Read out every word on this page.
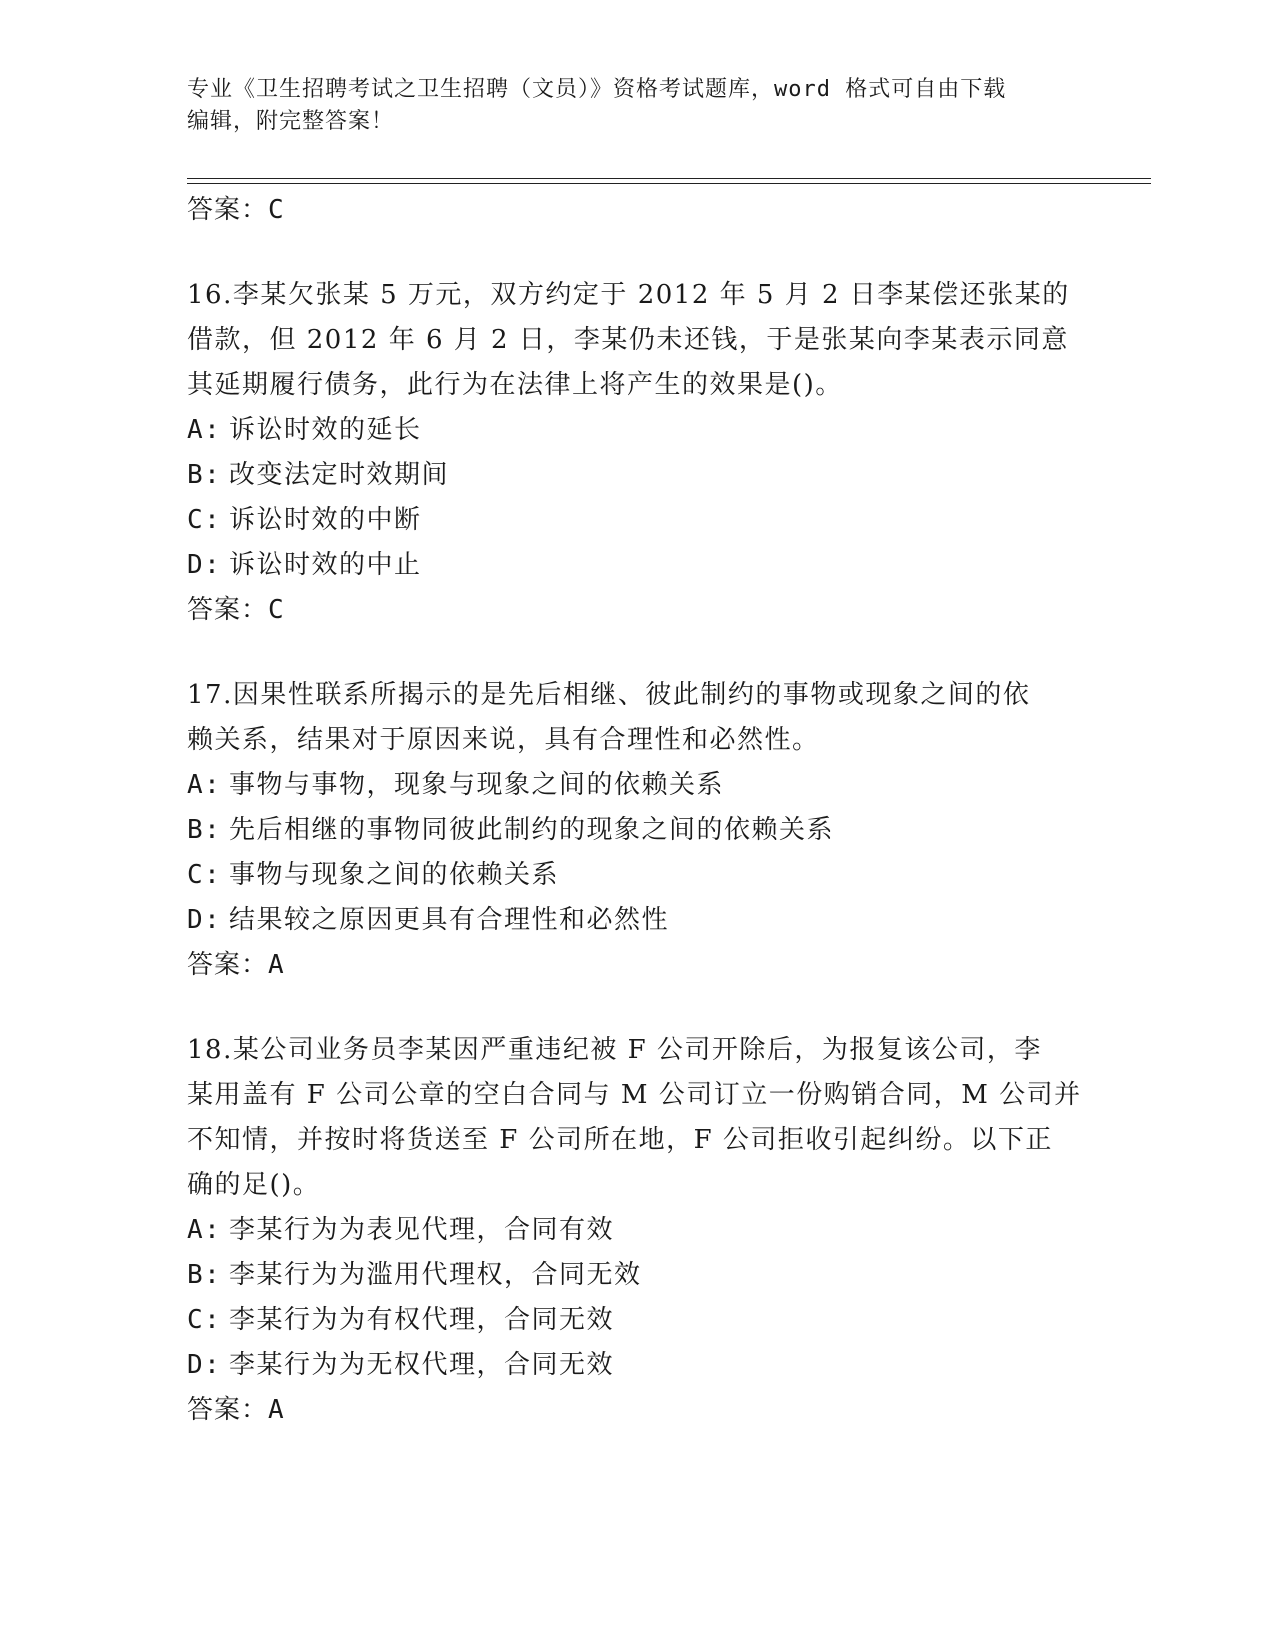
专业《卫生招聘考试之卫生招聘（文员）》资格考试题库，word 格式可自由下载
编辑，附完整答案！

答案：C

16.李某欠张某 5 万元，双方约定于 2012 年 5 月 2 日李某偿还张某的

借款，但 2012 年 6 月 2 日，李某仍未还钱，于是张某向李某表示同意

其延期履行债务，此行为在法律上将产生的效果是()。

A: 诉讼时效的延长

B: 改变法定时效期间

C: 诉讼时效的中断

D: 诉讼时效的中止

答案：C

17.因果性联系所揭示的是先后相继、彼此制约的事物或现象之间的依

赖关系，结果对于原因来说，具有合理性和必然性。

A: 事物与事物，现象与现象之间的依赖关系

B: 先后相继的事物同彼此制约的现象之间的依赖关系

C: 事物与现象之间的依赖关系

D: 结果较之原因更具有合理性和必然性

答案：A

18.某公司业务员李某因严重违纪被 F 公司开除后，为报复该公司，李

某用盖有 F 公司公章的空白合同与 M 公司订立一份购销合同，M 公司并

不知情，并按时将货送至 F 公司所在地，F 公司拒收引起纠纷。以下正

确的足()。

A: 李某行为为表见代理，合同有效

B: 李某行为为滥用代理权，合同无效

C: 李某行为为有权代理，合同无效

D: 李某行为为无权代理，合同无效

答案：A
